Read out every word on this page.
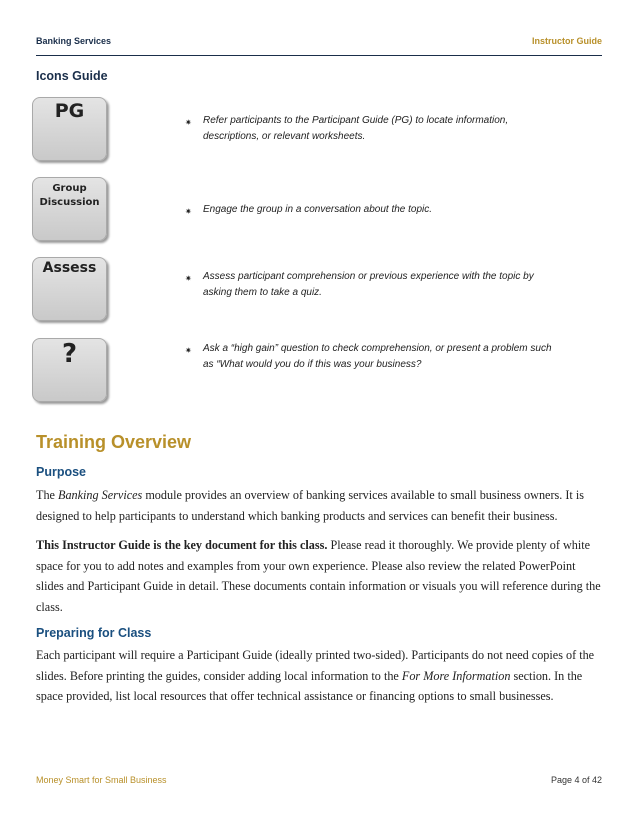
Banking Services	Instructor Guide
Icons Guide
PG
✷ Refer participants to the Participant Guide (PG) to locate information, descriptions, or relevant worksheets.
Group
Discussion
✷ Engage the group in a conversation about the topic.
Assess
✷ Assess participant comprehension or previous experience with the topic by asking them to take a quiz.
?	✷ Ask a “high gain” question to check comprehension, or present a problem such as “What would you do if this was your business?
Training Overview
Purpose
The Banking Services module provides an overview of banking services available to small business owners. It is designed to help participants to understand which banking products and services can benefit their business.
This Instructor Guide is the key document for this class. Please read it thoroughly. We provide plenty of white space for you to add notes and examples from your own experience. Please also review the related PowerPoint slides and Participant Guide in detail. These documents contain information or visuals you will reference during the class.
Preparing for Class
Each participant will require a Participant Guide (ideally printed two-sided). Participants do not need copies of the slides. Before printing the guides, consider adding local information to the For More Information section. In the space provided, list local resources that offer technical assistance or financing options to small businesses.
Money Smart for Small Business	Page 4 of 42
